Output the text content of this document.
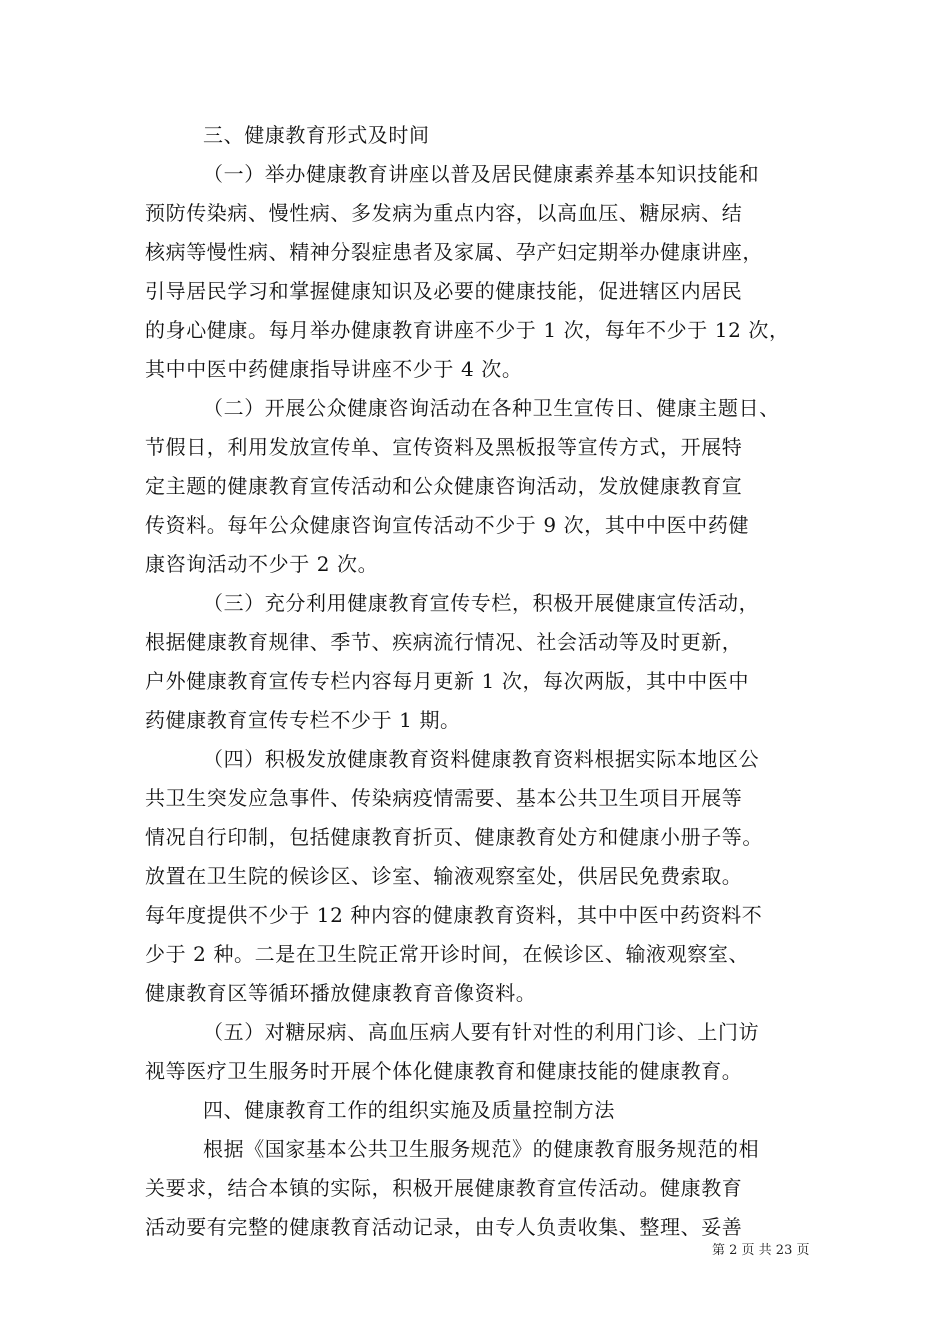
三、健康教育形式及时间
（一）举办健康教育讲座以普及居民健康素养基本知识技能和
预防传染病、慢性病、多发病为重点内容，以高血压、糖尿病、结
核病等慢性病、精神分裂症患者及家属、孕产妇定期举办健康讲座，
引导居民学习和掌握健康知识及必要的健康技能，促进辖区内居民
的身心健康。每月举办健康教育讲座不少于 1 次，每年不少于 12 次，
其中中医中药健康指导讲座不少于 4 次。
（二）开展公众健康咨询活动在各种卫生宣传日、健康主题日、
节假日，利用发放宣传单、宣传资料及黑板报等宣传方式，开展特
定主题的健康教育宣传活动和公众健康咨询活动，发放健康教育宣
传资料。每年公众健康咨询宣传活动不少于 9 次，其中中医中药健
康咨询活动不少于 2 次。
（三）充分利用健康教育宣传专栏，积极开展健康宣传活动，
根据健康教育规律、季节、疾病流行情况、社会活动等及时更新，
户外健康教育宣传专栏内容每月更新 1 次，每次两版，其中中医中
药健康教育宣传专栏不少于 1 期。
（四）积极发放健康教育资料健康教育资料根据实际本地区公
共卫生突发应急事件、传染病疫情需要、基本公共卫生项目开展等
情况自行印制，包括健康教育折页、健康教育处方和健康小册子等。
放置在卫生院的候诊区、诊室、输液观察室处，供居民免费索取。
每年度提供不少于 12 种内容的健康教育资料，其中中医中药资料不
少于 2 种。二是在卫生院正常开诊时间，在候诊区、输液观察室、
健康教育区等循环播放健康教育音像资料。
（五）对糖尿病、高血压病人要有针对性的利用门诊、上门访
视等医疗卫生服务时开展个体化健康教育和健康技能的健康教育。
四、健康教育工作的组织实施及质量控制方法
根据《国家基本公共卫生服务规范》的健康教育服务规范的相
关要求，结合本镇的实际，积极开展健康教育宣传活动。健康教育
活动要有完整的健康教育活动记录，由专人负责收集、整理、妥善
第 2 页 共 23 页
